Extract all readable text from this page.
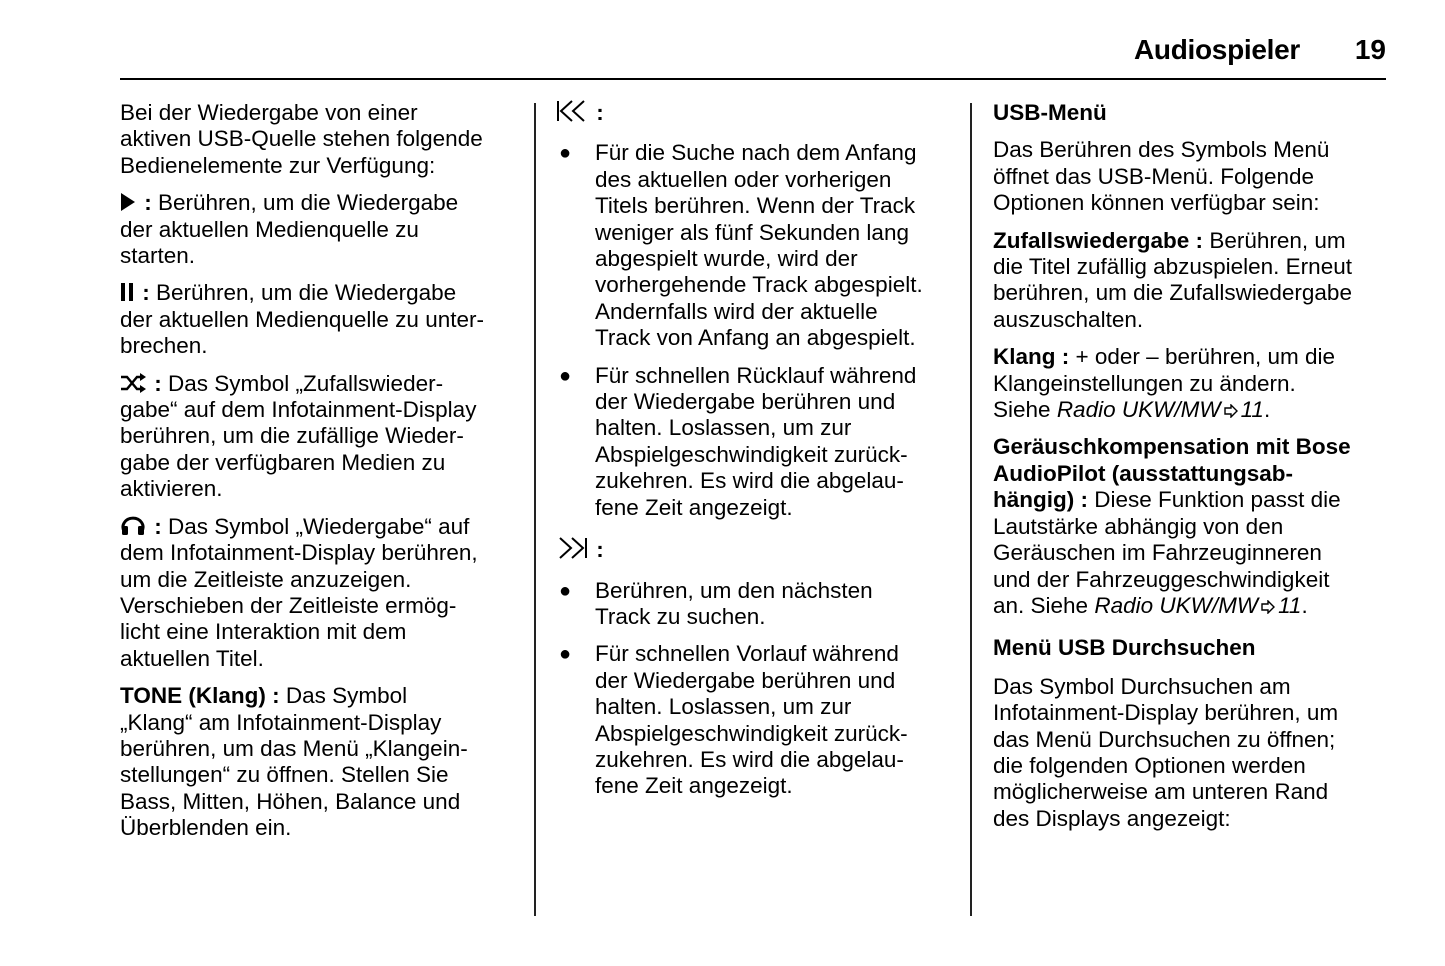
Audiospieler 19

Bei der Wiedergabe von einer
aktiven USB-Quelle stehen folgende
Bedienelemente zur Verfügung:

: Berühren, um die Wiedergabe
der aktuellen Medienquelle zu
starten.

: Berühren, um die Wiedergabe
der aktuellen Medienquelle zu unter-
brechen.

: Das Symbol „Zufallswieder-
gabe“ auf dem Infotainment-Display
berühren, um die zufällige Wieder-
gabe der verfügbaren Medien zu
aktivieren.

: Das Symbol „Wiedergabe“ auf
dem Infotainment-Display berühren,
um die Zeitleiste anzuzeigen.
Verschieben der Zeitleiste ermög-
licht eine Interaktion mit dem
aktuellen Titel.

TONE (Klang) : Das Symbol
„Klang“ am Infotainment-Display
berühren, um das Menü „Klangein-
stellungen“ zu öffnen. Stellen Sie
Bass, Mitten, Höhen, Balance und
Überblenden ein.

:

● Für die Suche nach dem Anfang
des aktuellen oder vorherigen
Titels berühren. Wenn der Track
weniger als fünf Sekunden lang
abgespielt wurde, wird der
vorhergehende Track abgespielt.
Andernfalls wird der aktuelle
Track von Anfang an abgespielt.
● Für schnellen Rücklauf während
der Wiedergabe berühren und
halten. Loslassen, um zur
Abspielgeschwindigkeit zurück-
zukehren. Es wird die abgelau-
fene Zeit angezeigt.

:

● Berühren, um den nächsten
Track zu suchen.
● Für schnellen Vorlauf während
der Wiedergabe berühren und
halten. Loslassen, um zur
Abspielgeschwindigkeit zurück-
zukehren. Es wird die abgelau-
fene Zeit angezeigt.

USB-Menü

Das Berühren des Symbols Menü
öffnet das USB-Menü. Folgende
Optionen können verfügbar sein:

Zufallswiedergabe : Berühren, um
die Titel zufällig abzuspielen. Erneut
berühren, um die Zufallswiedergabe
auszuschalten.

Klang : + oder – berühren, um die
Klangeinstellungen zu ändern.
Siehe Radio UKW/MW 11.

Geräuschkompensation mit Bose
AudioPilot (ausstattungsab-
hängig) : Diese Funktion passt die
Lautstärke abhängig von den
Geräuschen im Fahrzeuginneren
und der Fahrzeuggeschwindigkeit
an. Siehe Radio UKW/MW 11.

Menü USB Durchsuchen

Das Symbol Durchsuchen am
Infotainment-Display berühren, um
das Menü Durchsuchen zu öffnen;
die folgenden Optionen werden
möglicherweise am unteren Rand
des Displays angezeigt:
